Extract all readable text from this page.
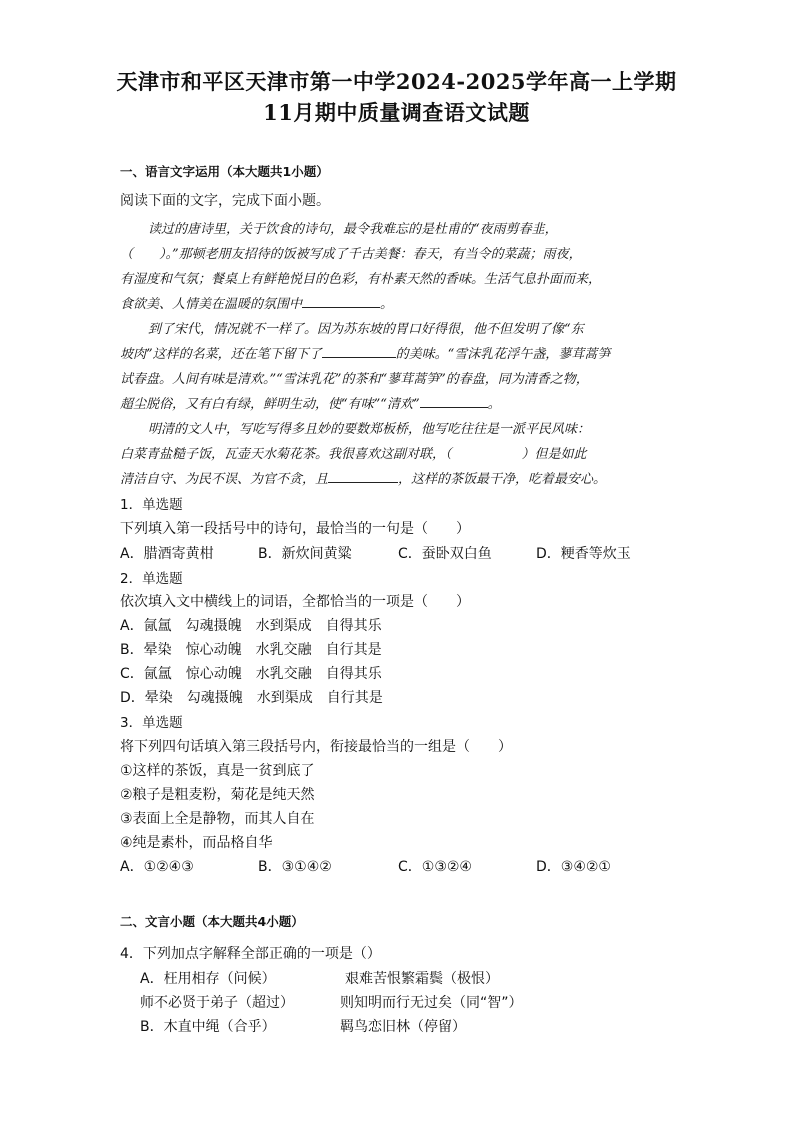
天津市和平区天津市第一中学2024-2025学年高一上学期
11月期中质量调查语文试题
一、语言文字运用（本大题共1小题）
阅读下面的文字，完成下面小题。
读过的唐诗里，关于饮食的诗句，最令我难忘的是杜甫的“夜雨剪春韭，
（　　）。”那顿老朋友招待的饭被写成了千古美餐：春天，有当令的菜蔬；雨夜，
有湿度和气氛；餐桌上有鲜艳悦目的色彩，有朴素天然的香味。生活气息扑面而来，
食欲美、人情美在温暖的氛围中	。
到了宋代，情况就不一样了。因为苏东坡的胃口好得很，他不但发明了像“东
坡肉”这样的名菜，还在笔下留下了	的美味。“雪沫乳花浮午盏，蓼茸蒿笋
试春盘。人间有味是清欢。”“雪沫乳花”的茶和“蓼茸蒿笋”的春盘，同为清香之物，
超尘脱俗，又有白有绿，鲜明生动，使“有味”“清欢”	。
明清的文人中，写吃写得多且妙的要数郑板桥，他写吃往往是一派平民风味：
白菜青盐糙子饭，瓦壶天水菊花茶。我很喜欢这副对联，（	）但是如此
清洁自守、为民不误、为官不贪，且	，这样的茶饭最干净，吃着最安心。
1．单选题
下列填入第一段括号中的诗句，最恰当的一句是（　　）
A．腊酒寄黄柑	B．新炊间黄粱	C．蚕卧双白鱼	D．粳香等炊玉
2．单选题
依次填入文中横线上的词语，全都恰当的一项是（　　）
A．氤氲　勾魂摄魄　水到渠成　自得其乐
B．晕染　惊心动魄　水乳交融　自行其是
C．氤氲　惊心动魄　水乳交融　自得其乐
D．晕染　勾魂摄魄　水到渠成　自行其是
3．单选题
将下列四句话填入第三段括号内，衔接最恰当的一组是（　　）
①这样的茶饭，真是一贫到底了
②粮子是粗麦粉，菊花是纯天然
③表面上全是静物，而其人自在
④纯是素朴，而品格自华
A．①②④③	B．③①④②	C．①③②④	D．③④②①
二、文言小题（本大题共4小题）
4．下列加点字解释全部正确的一项是（）
A．枉用相存（问候）	艰难苦恨繁霜鬓（极恨）
师不必贤于弟子（超过）	则知明而行无过矣（同“智”）
B．木直中绳（合乎）	羁鸟恋旧林（停留）
